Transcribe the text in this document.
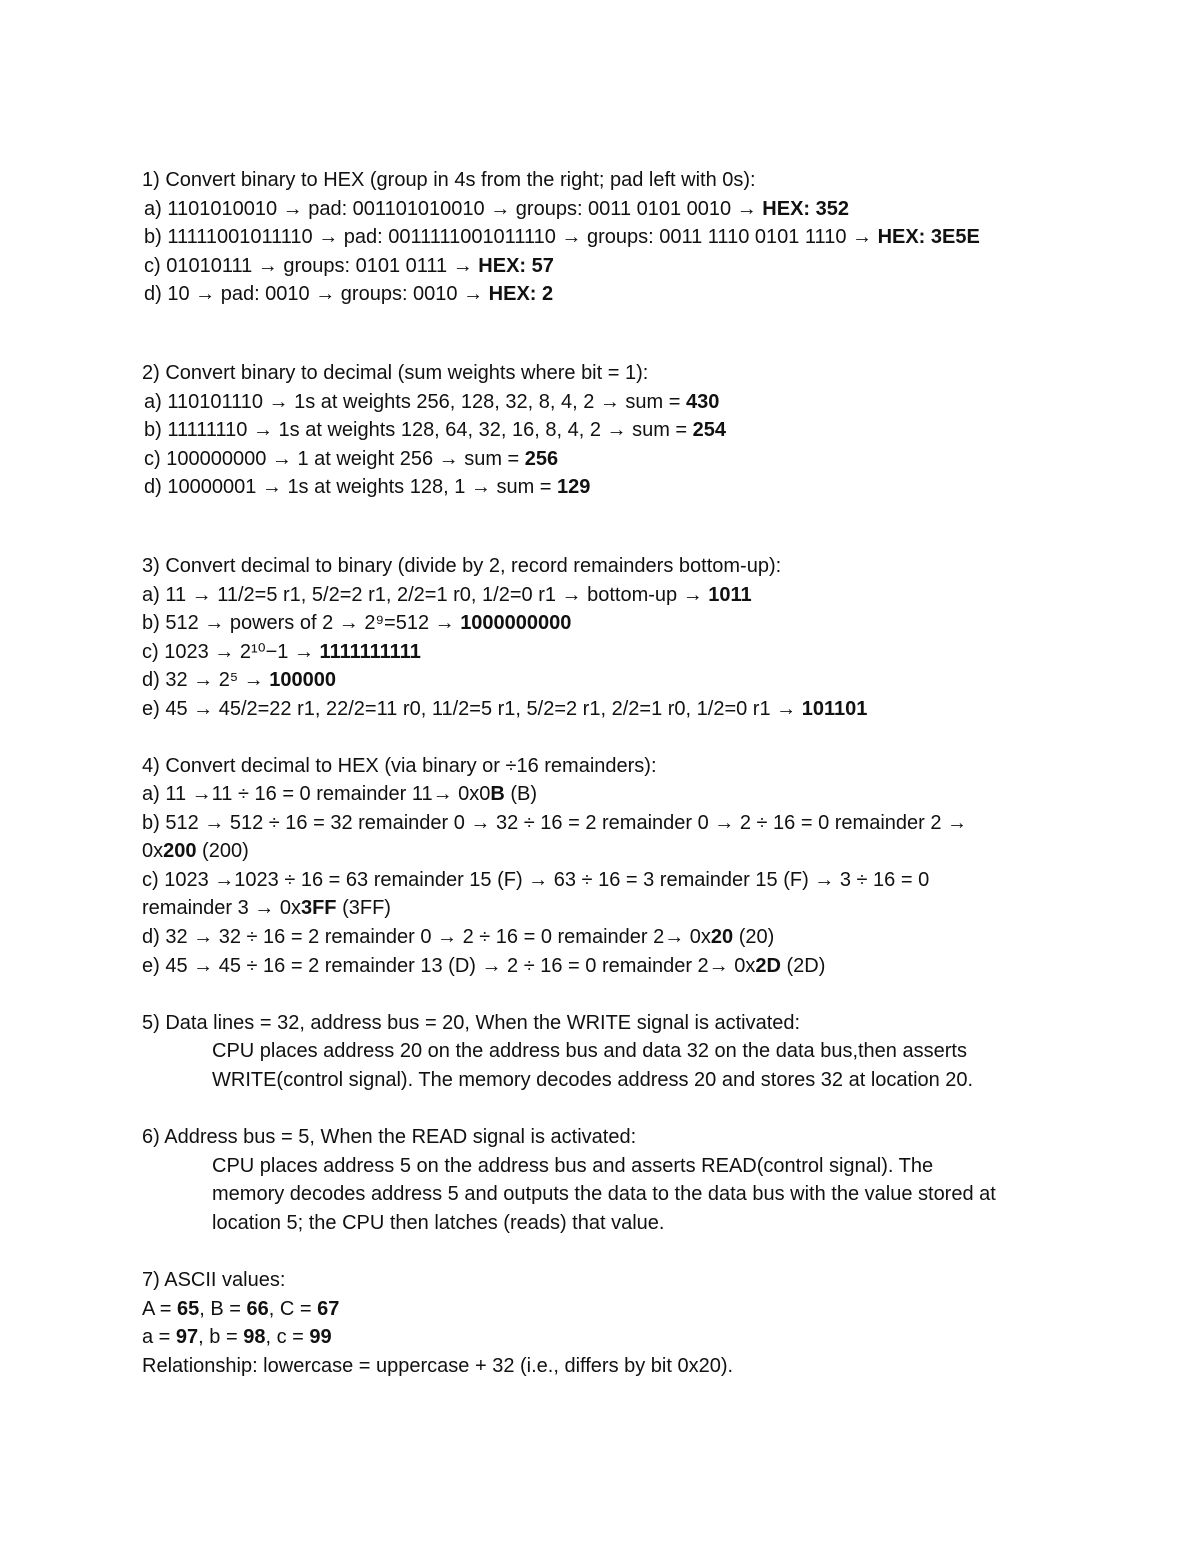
1) Convert binary to HEX (group in 4s from the right; pad left with 0s):
a) 1101010010 → pad: 001101010010 → groups: 0011 0101 0010 → HEX: 352
b) 11111001011110 → pad: 0011111001011110 → groups: 0011 1110 0101 1110 → HEX: 3E5E
c) 01010111 → groups: 0101 0111 → HEX: 57
d) 10 → pad: 0010 → groups: 0010 → HEX: 2
2) Convert binary to decimal (sum weights where bit = 1):
a) 110101110 → 1s at weights 256, 128, 32, 8, 4, 2 → sum = 430
b) 11111110 → 1s at weights 128, 64, 32, 16, 8, 4, 2 → sum = 254
c) 100000000 → 1 at weight 256 → sum = 256
d) 10000001 → 1s at weights 128, 1 → sum = 129
3) Convert decimal to binary (divide by 2, record remainders bottom-up):
a) 11 → 11/2=5 r1, 5/2=2 r1, 2/2=1 r0, 1/2=0 r1 → bottom-up → 1011
b) 512 → powers of 2 → 2⁹=512 → 1000000000
c) 1023 → 2¹⁰−1 → 1111111111
d) 32 → 2⁵ → 100000
e) 45 → 45/2=22 r1, 22/2=11 r0, 11/2=5 r1, 5/2=2 r1, 2/2=1 r0, 1/2=0 r1 → 101101
4) Convert decimal to HEX (via binary or ÷16 remainders):
a) 11 →11 ÷ 16 = 0 remainder 11→ 0x0B (B)
b) 512 → 512 ÷ 16 = 32 remainder 0 → 32 ÷ 16 = 2 remainder 0 → 2 ÷ 16 = 0 remainder 2 →
0x200 (200)
c) 1023 →1023 ÷ 16 = 63 remainder 15 (F) → 63 ÷ 16 = 3 remainder 15 (F) → 3 ÷ 16 = 0
remainder 3 → 0x3FF (3FF)
d) 32 → 32 ÷ 16 = 2 remainder 0 → 2 ÷ 16 = 0 remainder 2→ 0x20 (20)
e) 45 → 45 ÷ 16 = 2 remainder 13 (D) → 2 ÷ 16 = 0 remainder 2→ 0x2D (2D)
5) Data lines = 32, address bus = 20, When the WRITE signal is activated:
CPU places address 20 on the address bus and data 32 on the data bus,then asserts
WRITE(control signal). The memory decodes address 20 and stores 32 at location 20.
6) Address bus = 5, When the READ signal is activated:
CPU places address 5 on the address bus and asserts READ(control signal). The
memory decodes address 5 and outputs the data to the data bus with the value stored at
location 5; the CPU then latches (reads) that value.
7) ASCII values:
A = 65, B = 66, C = 67
a = 97, b = 98, c = 99
Relationship: lowercase = uppercase + 32 (i.e., differs by bit 0x20).
